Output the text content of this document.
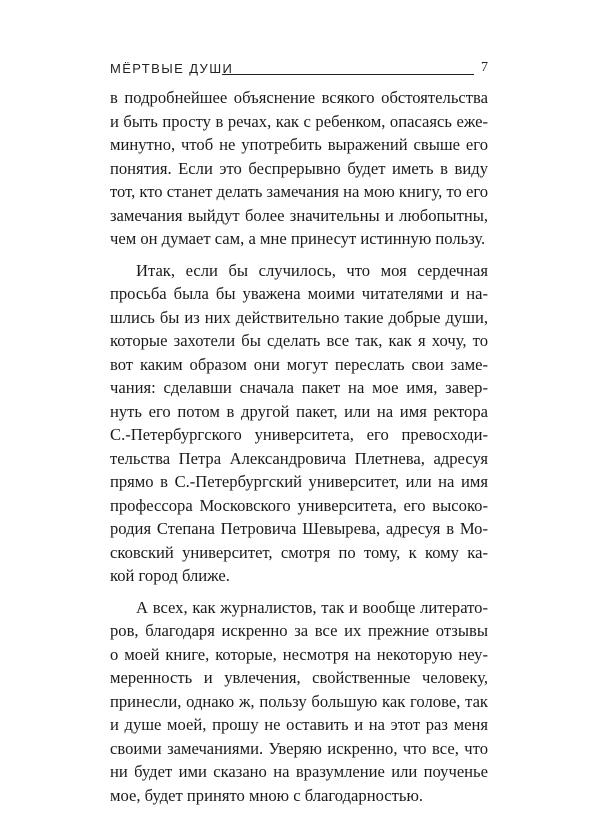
МЁРТВЫЕ ДУШИ	7
в подробнейшее объяснение всякого обстоятельства
и быть просту в речах, как с ребенком, опасаясь еже-
минутно, чтоб не употребить выражений свыше его
понятия. Если это беспрерывно будет иметь в виду
тот, кто станет делать замечания на мою книгу, то его
замечания выйдут более значительны и любопытны,
чем он думает сам, а мне принесут истинную пользу.
Итак, если бы случилось, что моя сердечная
просьба была бы уважена моими читателями и на-
шлись бы из них действительно такие добрые души,
которые захотели бы сделать все так, как я хочу, то
вот каким образом они могут переслать свои заме-
чания: сделавши сначала пакет на мое имя, завер-
нуть его потом в другой пакет, или на имя ректора
С.-Петербургского университета, его превосходи-
тельства Петра Александровича Плетнева, адресуя
прямо в С.-Петербургский университет, или на имя
профессора Московского университета, его высоко-
родия Степана Петровича Шевырева, адресуя в Мо-
сковский университет, смотря по тому, к кому ка-
кой город ближе.
А всех, как журналистов, так и вообще литерато-
ров, благодаря искренно за все их прежние отзывы
о моей книге, которые, несмотря на некоторую неу-
меренность и увлечения, свойственные человеку,
принесли, однако ж, пользу большую как голове, так
и душе моей, прошу не оставить и на этот раз меня
своими замечаниями. Уверяю искренно, что все, что
ни будет ими сказано на вразумление или поученье
мое, будет принято мною с благодарностью.
